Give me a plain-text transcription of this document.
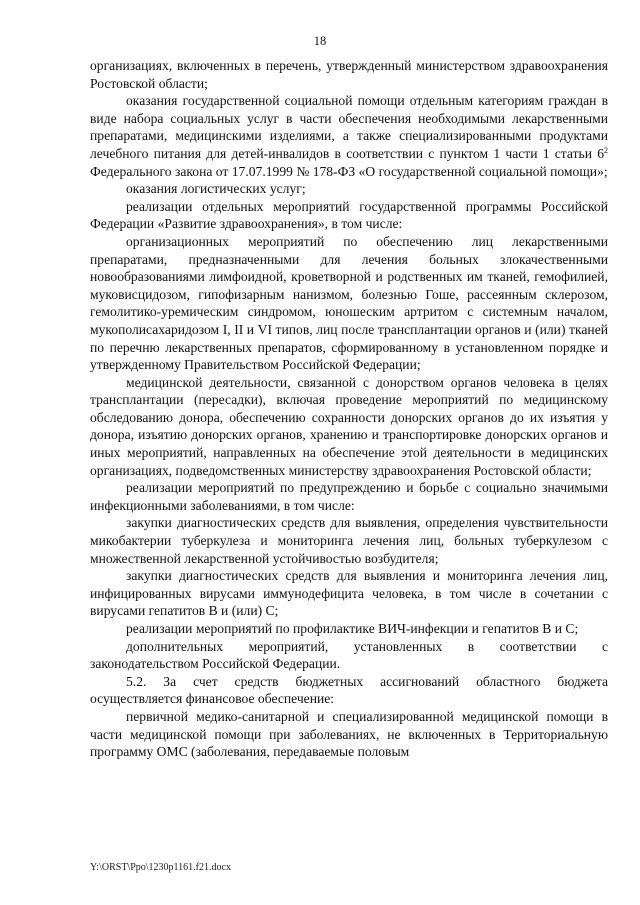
18

организациях, включенных в перечень, утвержденный министерством здравоохранения Ростовской области;

оказания государственной социальной помощи отдельным категориям граждан в виде набора социальных услуг в части обеспечения необходимыми лекарственными препаратами, медицинскими изделиями, а также специализированными продуктами лечебного питания для детей-инвалидов в соответствии с пунктом 1 части 1 статьи $6^2$ Федерального закона от 17.07.1999 № 178-ФЗ «О государственной социальной помощи»;

оказания логистических услуг;

реализации отдельных мероприятий государственной программы Российской Федерации «Развитие здравоохранения», в том числе:

организационных мероприятий по обеспечению лиц лекарственными препаратами, предназначенными для лечения больных злокачественными новообразованиями лимфоидной, кроветворной и родственных им тканей, гемофилией, муковисцидозом, гипофизарным нанизмом, болезнью Гоше, рассеянным склерозом, гемолитико-уремическим синдромом, юношеским артритом с системным началом, мукополисахаридозом I, II и VI типов, лиц после трансплантации органов и (или) тканей по перечню лекарственных препаратов, сформированному в установленном порядке и утвержденному Правительством Российской Федерации;

медицинской деятельности, связанной с донорством органов человека в целях трансплантации (пересадки), включая проведение мероприятий по медицинскому обследованию донора, обеспечению сохранности донорских органов до их изъятия у донора, изъятию донорских органов, хранению и транспортировке донорских органов и иных мероприятий, направленных на обеспечение этой деятельности в медицинских организациях, подведомственных министерству здравоохранения Ростовской области;

реализации мероприятий по предупреждению и борьбе с социально значимыми инфекционными заболеваниями, в том числе:

закупки диагностических средств для выявления, определения чувствительности микобактерии туберкулеза и мониторинга лечения лиц, больных туберкулезом с множественной лекарственной устойчивостью возбудителя;

закупки диагностических средств для выявления и мониторинга лечения лиц, инфицированных вирусами иммунодефицита человека, в том числе в сочетании с вирусами гепатитов В и (или) С;

реализации мероприятий по профилактике ВИЧ-инфекции и гепатитов В и С;

дополнительных мероприятий, установленных в соответствии с законодательством Российской Федерации.

5.2. За счет средств бюджетных ассигнований областного бюджета осуществляется финансовое обеспечение:

первичной медико-санитарной и специализированной медицинской помощи в части медицинской помощи при заболеваниях, не включенных в Территориальную программу ОМС (заболевания, передаваемые половым

Y:\ORST\Ppo\1230p1161.f21.docx
